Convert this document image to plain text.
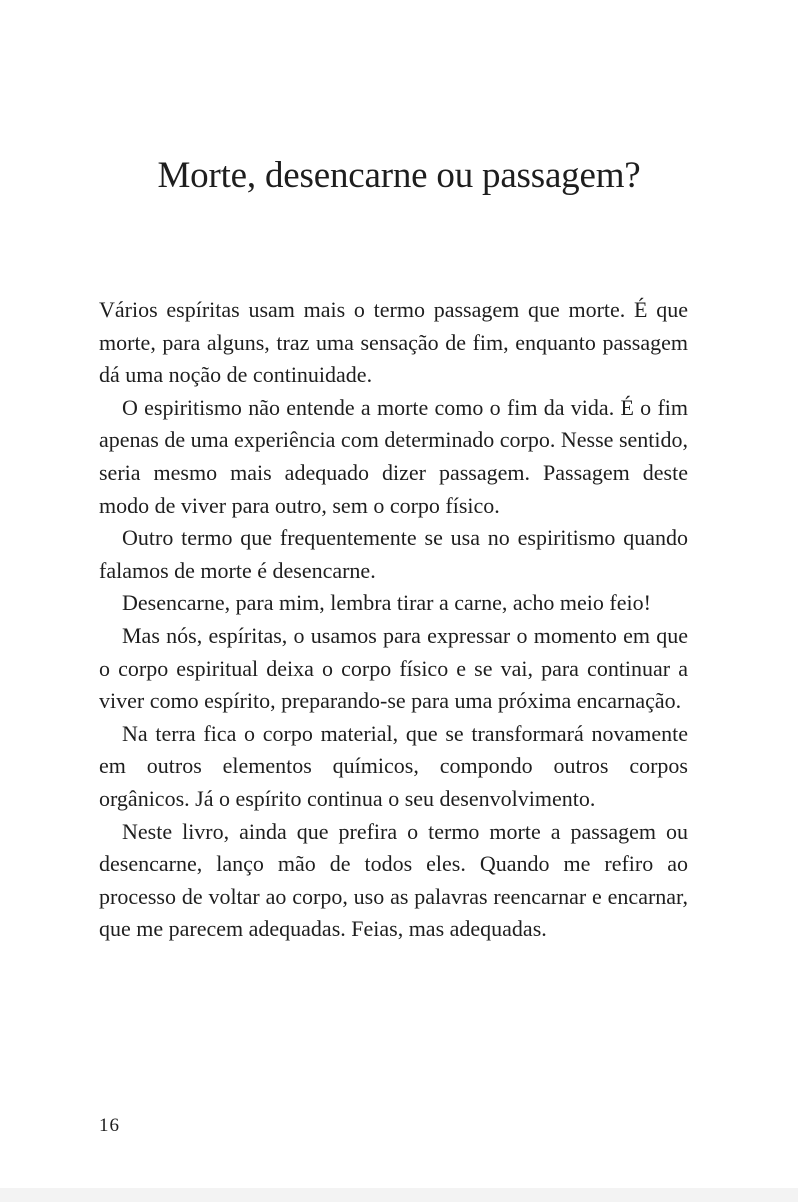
Morte, desencarne ou passagem?

Vários espíritas usam mais o termo passagem que morte. É que morte, para alguns, traz uma sensação de fim, enquanto passagem dá uma noção de continuidade.

O espiritismo não entende a morte como o fim da vida. É o fim apenas de uma experiência com determinado corpo. Nesse sentido, seria mesmo mais adequado dizer passagem. Passagem deste modo de viver para outro, sem o corpo físico.

Outro termo que frequentemente se usa no espiritismo quando falamos de morte é desencarne.

Desencarne, para mim, lembra tirar a carne, acho meio feio!

Mas nós, espíritas, o usamos para expressar o momento em que o corpo espiritual deixa o corpo físico e se vai, para continuar a viver como espírito, preparando-se para uma próxima encarnação.

Na terra fica o corpo material, que se transformará novamente em outros elementos químicos, compondo outros corpos orgânicos. Já o espírito continua o seu desenvolvimento.

Neste livro, ainda que prefira o termo morte a passagem ou desencarne, lanço mão de todos eles. Quando me refiro ao processo de voltar ao corpo, uso as palavras reencarnar e encarnar, que me parecem adequadas. Feias, mas adequadas.

16
